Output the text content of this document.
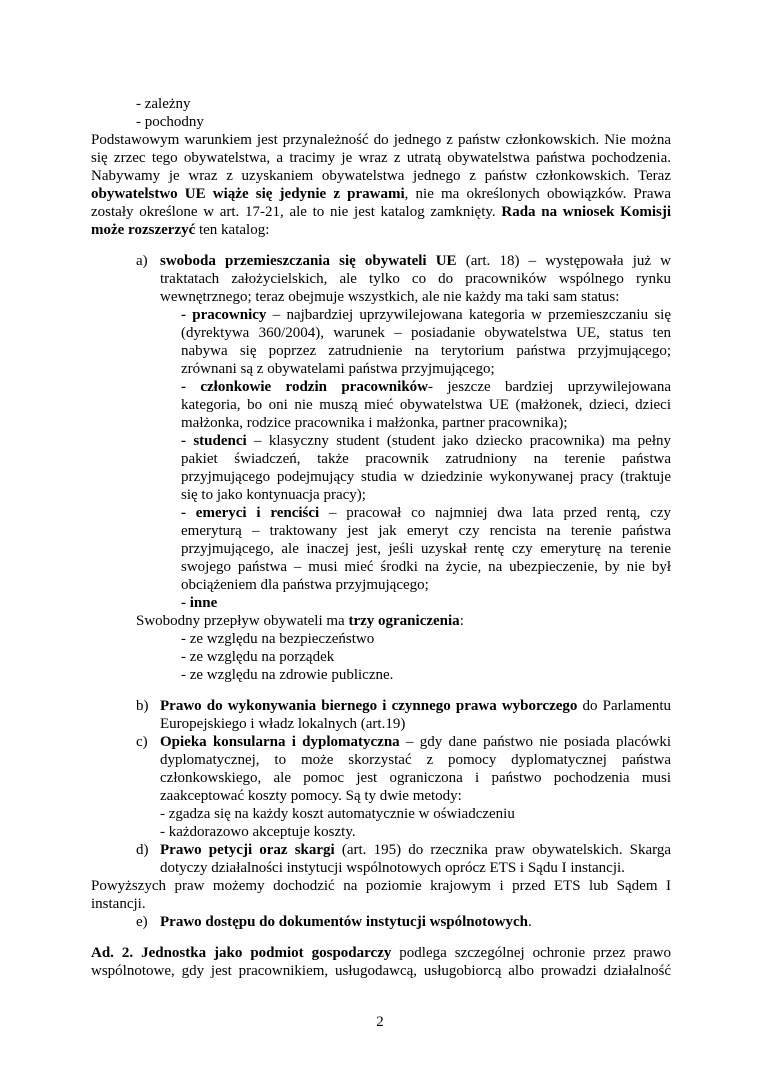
- zależny
- pochodny
Podstawowym warunkiem jest przynależność do jednego z państw członkowskich. Nie można
się zrzec tego obywatelstwa, a tracimy je wraz z utratą obywatelstwa państwa pochodzenia.
Nabywamy je wraz z uzyskaniem obywatelstwa jednego z państw członkowskich. Teraz
obywatelstwo UE wiąże się jedynie z prawami, nie ma określonych obowiązków. Prawa
zostały określone w art. 17-21, ale to nie jest katalog zamknięty. Rada na wniosek Komisji
może rozszerzyć ten katalog:
a) swoboda przemieszczania się obywateli UE (art. 18) – występowała już w
traktatach założycielskich, ale tylko co do pracowników wspólnego rynku
wewnętrznego; teraz obejmuje wszystkich, ale nie każdy ma taki sam status:
- pracownicy – najbardziej uprzywilejowana kategoria w przemieszczaniu się
(dyrektywa 360/2004), warunek – posiadanie obywatelstwa UE, status ten
nabywa się poprzez zatrudnienie na terytorium państwa przyjmującego;
zrównani są z obywatelami państwa przyjmującego;
- członkowie rodzin pracowników- jeszcze bardziej uprzywilejowana
kategoria, bo oni nie muszą mieć obywatelstwa UE (małżonek, dzieci, dzieci
małżonka, rodzice pracownika i małżonka, partner pracownika);
- studenci – klasyczny student (student jako dziecko pracownika) ma pełny
pakiet świadczeń, także pracownik zatrudniony na terenie państwa
przyjmującego podejmujący studia w dziedzinie wykonywanej pracy (traktuje
się to jako kontynuacja pracy);
- emeryci i renciści – pracował co najmniej dwa lata przed rentą, czy
emeryturą – traktowany jest jak emeryt czy rencista na terenie państwa
przyjmującego, ale inaczej jest, jeśli uzyskał rentę czy emeryturę na terenie
swojego państwa – musi mieć środki na życie, na ubezpieczenie, by nie był
obciążeniem dla państwa przyjmującego;
- inne
Swobodny przepływ obywateli ma trzy ograniczenia:
- ze względu na bezpieczeństwo
- ze względu na porządek
- ze względu na zdrowie publiczne.
b) Prawo do wykonywania biernego i czynnego prawa wyborczego do Parlamentu
Europejskiego i władz lokalnych (art.19)
c) Opieka konsularna i dyplomatyczna – gdy dane państwo nie posiada placówki
dyplomatycznej, to może skorzystać z pomocy dyplomatycznej państwa
członkowskiego, ale pomoc jest ograniczona i państwo pochodzenia musi
zaakceptować koszty pomocy. Są ty dwie metody:
- zgadza się na każdy koszt automatycznie w oświadczeniu
- każdorazowo akceptuje koszty.
d) Prawo petycji oraz skargi (art. 195) do rzecznika praw obywatelskich. Skarga
dotyczy działalności instytucji wspólnotowych oprócz ETS i Sądu I instancji.
Powyższych praw możemy dochodzić na poziomie krajowym i przed ETS lub Sądem I
instancji.
e) Prawo dostępu do dokumentów instytucji wspólnotowych.
Ad. 2. Jednostka jako podmiot gospodarczy podlega szczególnej ochronie przez prawo
wspólnotowe, gdy jest pracownikiem, usługodawcą, usługobiorcą albo prowadzi działalność
2
